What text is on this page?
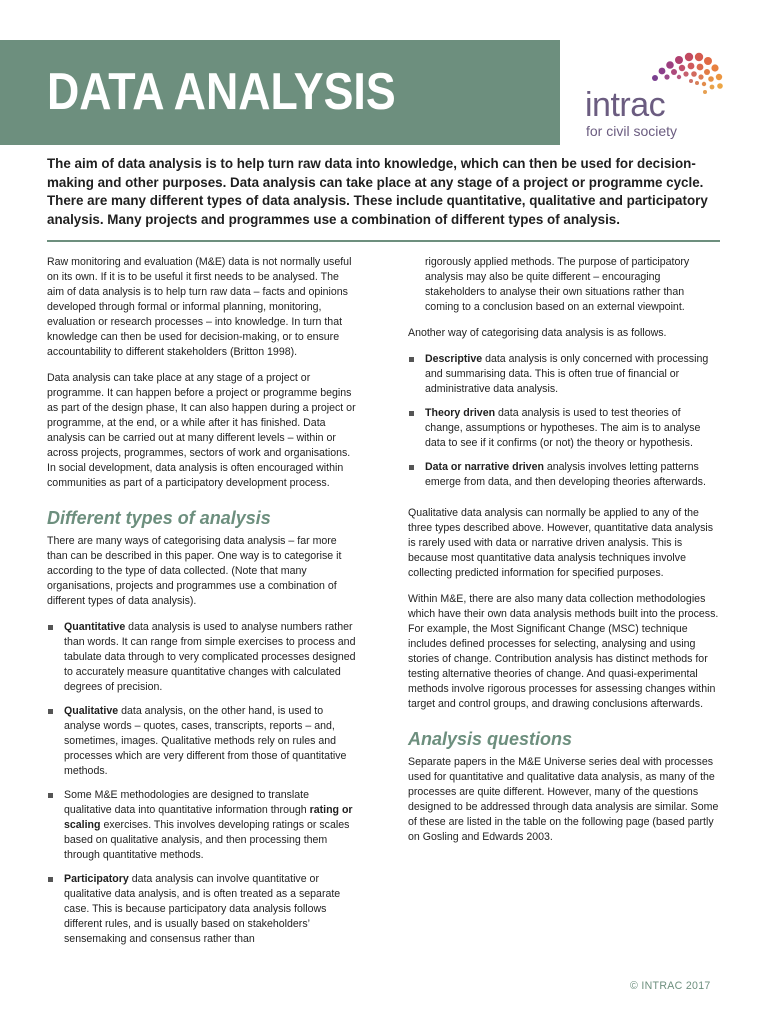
DATA ANALYSIS	intrac
for civil society

The aim of data analysis is to help turn raw data into knowledge, which can then be used for decision-making and other purposes. Data analysis can take place at any stage of a project or programme cycle. There are many different types of data analysis. These include quantitative, qualitative and participatory analysis. Many projects and programmes use a combination of different types of analysis.

Raw monitoring and evaluation (M&E) data is not normally useful on its own. If it is to be useful it first needs to be analysed. The aim of data analysis is to help turn raw data – facts and opinions developed through formal or informal planning, monitoring, evaluation or research processes – into knowledge. In turn that knowledge can then be used for decision-making, or to ensure accountability to different stakeholders (Britton 1998).

Data analysis can take place at any stage of a project or programme. It can happen before a project or programme begins as part of the design phase, It can also happen during a project or programme, at the end, or a while after it has finished. Data analysis can be carried out at many different levels – within or across projects, programmes, sectors of work and organisations. In social development, data analysis is often encouraged within communities as part of a participatory development process.

Different types of analysis

There are many ways of categorising data analysis – far more than can be described in this paper. One way is to categorise it according to the type of data collected. (Note that many organisations, projects and programmes use a combination of different types of data analysis).

Quantitative data analysis is used to analyse numbers rather than words. It can range from simple exercises to process and tabulate data through to very complicated processes designed to accurately measure quantitative changes with calculated degrees of precision.
Qualitative data analysis, on the other hand, is used to analyse words – quotes, cases, transcripts, reports – and, sometimes, images. Qualitative methods rely on rules and processes which are very different from those of quantitative methods.
Some M&E methodologies are designed to translate qualitative data into quantitative information through rating or scaling exercises. This involves developing ratings or scales based on qualitative analysis, and then processing them through quantitative methods.
Participatory data analysis can involve quantitative or qualitative data analysis, and is often treated as a separate case. This is because participatory data analysis follows different rules, and is usually based on stakeholders’ sensemaking and consensus rather than
rigorously applied methods. The purpose of participatory analysis may also be quite different – encouraging stakeholders to analyse their own situations rather than coming to a conclusion based on an external viewpoint.

Another way of categorising data analysis is as follows.

Descriptive data analysis is only concerned with processing and summarising data. This is often true of financial or administrative data analysis.
Theory driven data analysis is used to test theories of change, assumptions or hypotheses. The aim is to analyse data to see if it confirms (or not) the theory or hypothesis.
Data or narrative driven analysis involves letting patterns emerge from data, and then developing theories afterwards.

Qualitative data analysis can normally be applied to any of the three types described above. However, quantitative data analysis is rarely used with data or narrative driven analysis. This is because most quantitative data analysis techniques involve collecting predicted information for specified purposes.

Within M&E, there are also many data collection methodologies which have their own data analysis methods built into the process. For example, the Most Significant Change (MSC) technique includes defined processes for selecting, analysing and using stories of change. Contribution analysis has distinct methods for testing alternative theories of change. And quasi-experimental methods involve rigorous processes for assessing changes within target and control groups, and drawing conclusions afterwards.

Analysis questions

Separate papers in the M&E Universe series deal with processes used for quantitative and qualitative data analysis, as many of the processes are quite different. However, many of the questions designed to be addressed through data analysis are similar. Some of these are listed in the table on the following page (based partly on Gosling and Edwards 2003.

© INTRAC 2017
